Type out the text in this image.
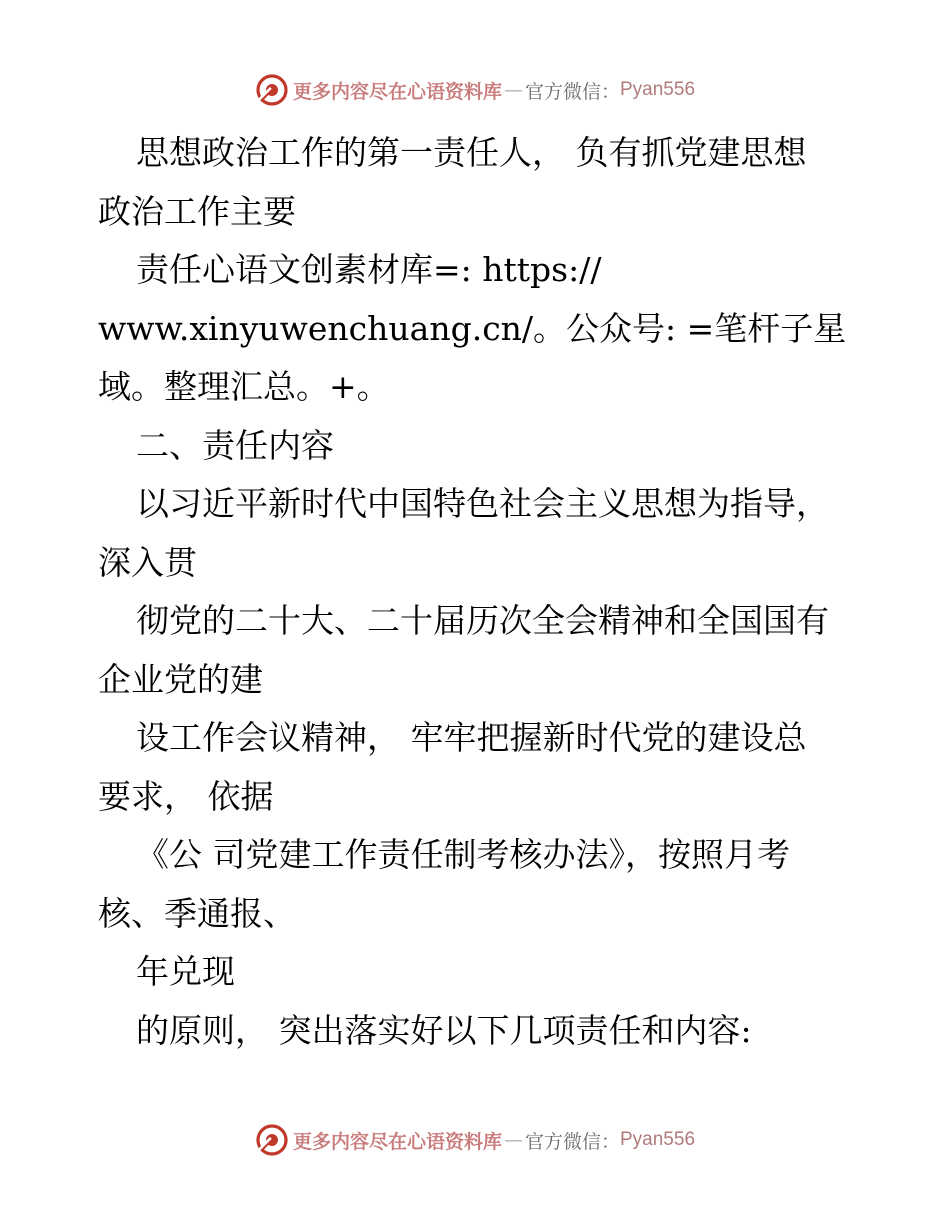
更多内容尽在心语资料库 — 官方微信： Pyan556
思想政治工作的第一责任人， 负有抓党建思想
政治工作主要
责任心语文创素材库=: https://
www.xinyuwenchuang.cn/。公众号: =笔杆子星
域。整理汇总。+。
二、责任内容
以习近平新时代中国特色社会主义思想为指导，
深入贯
彻党的二十大、二十届历次全会精神和全国国有
企业党的建
设工作会议精神， 牢牢把握新时代党的建设总
要求， 依据
《公 司党建工作责任制考核办法》，按照月考
核、季通报、
年兑现
的原则， 突出落实好以下几项责任和内容:
更多内容尽在心语资料库 — 官方微信： Pyan556
